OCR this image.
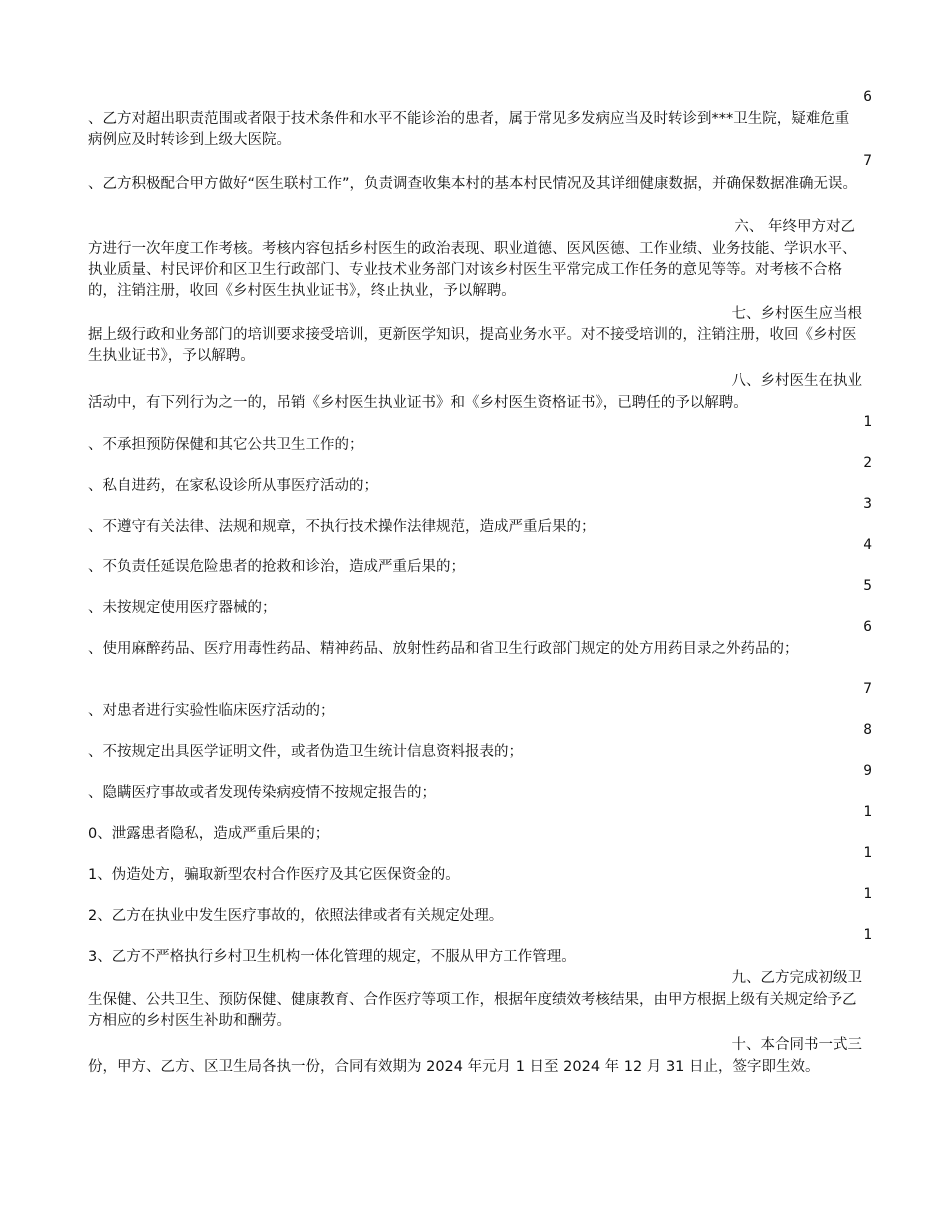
6
、乙方对超出职责范围或者限于技术条件和水平不能诊治的患者，属于常见多发病应当及时转诊到***卫生院，疑难危重病例应及时转诊到上级大医院。
7
、乙方积极配合甲方做好“医生联村工作”，负责调查收集本村的基本村民情况及其详细健康数据，并确保数据准确无误。
六、 年终甲方对乙
方进行一次年度工作考核。考核内容包括乡村医生的政治表现、职业道德、医风医德、工作业绩、业务技能、学识水平、执业质量、村民评价和区卫生行政部门、专业技术业务部门对该乡村医生平常完成工作任务的意见等等。对考核不合格的，注销注册，收回《乡村医生执业证书》，终止执业，予以解聘。
七、乡村医生应当根
据上级行政和业务部门的培训要求接受培训，更新医学知识，提高业务水平。对不接受培训的，注销注册，收回《乡村医生执业证书》，予以解聘。
八、乡村医生在执业
活动中，有下列行为之一的，吊销《乡村医生执业证书》和《乡村医生资格证书》，已聘任的予以解聘。
1
、不承担预防保健和其它公共卫生工作的；
2
、私自进药，在家私设诊所从事医疗活动的；
3
、不遵守有关法律、法规和规章，不执行技术操作法律规范，造成严重后果的；
4
、不负责任延误危险患者的抢救和诊治，造成严重后果的；
5
、未按规定使用医疗器械的；
6
、使用麻醉药品、医疗用毒性药品、精神药品、放射性药品和省卫生行政部门规定的处方用药目录之外药品的；
7
、对患者进行实验性临床医疗活动的；
8
、不按规定出具医学证明文件，或者伪造卫生统计信息资料报表的；
9
、隐瞒医疗事故或者发现传染病疫情不按规定报告的；
1
0、泄露患者隐私，造成严重后果的；
1
1、伪造处方，骗取新型农村合作医疗及其它医保资金的。
1
2、乙方在执业中发生医疗事故的，依照法律或者有关规定处理。
1
3、乙方不严格执行乡村卫生机构一体化管理的规定，不服从甲方工作管理。
九、乙方完成初级卫
生保健、公共卫生、预防保健、健康教育、合作医疗等项工作，根据年度绩效考核结果，由甲方根据上级有关规定给予乙方相应的乡村医生补助和酬劳。
十、本合同书一式三
份，甲方、乙方、区卫生局各执一份，合同有效期为 2024 年元月 1 日至 2024 年 12 月 31 日止，签字即生效。
